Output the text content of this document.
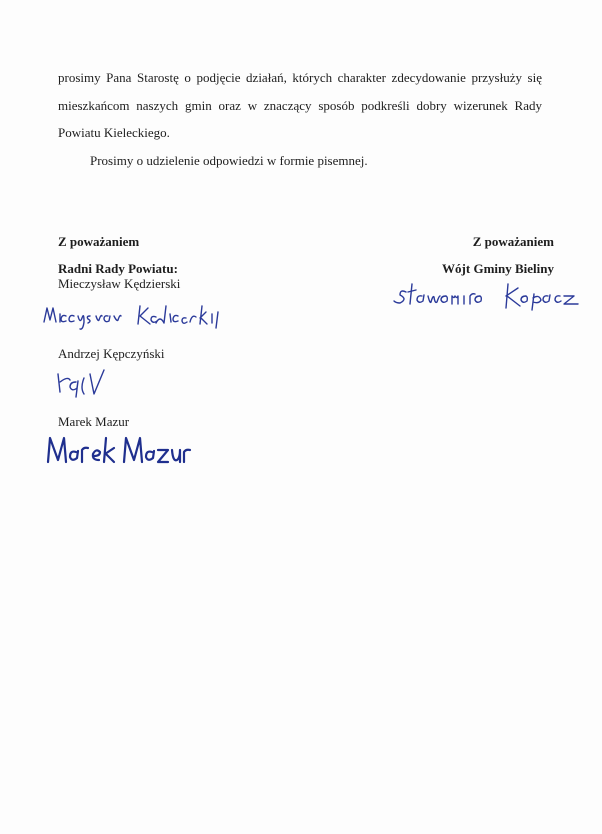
prosimy Pana Starostę o podjęcie działań, których charakter zdecydowanie przysłuży się mieszkańcom naszych gmin oraz w znaczący sposób podkreśli dobry wizerunek Rady Powiatu Kieleckiego.
Prosimy o udzielenie odpowiedzi w formie pisemnej.
Z poważaniem
Radni Rady Powiatu:
Z poważaniem
Wójt Gminy Bieliny
Mieczysław Kędzierski
Andrzej Kępczyński
Marek Mazur
